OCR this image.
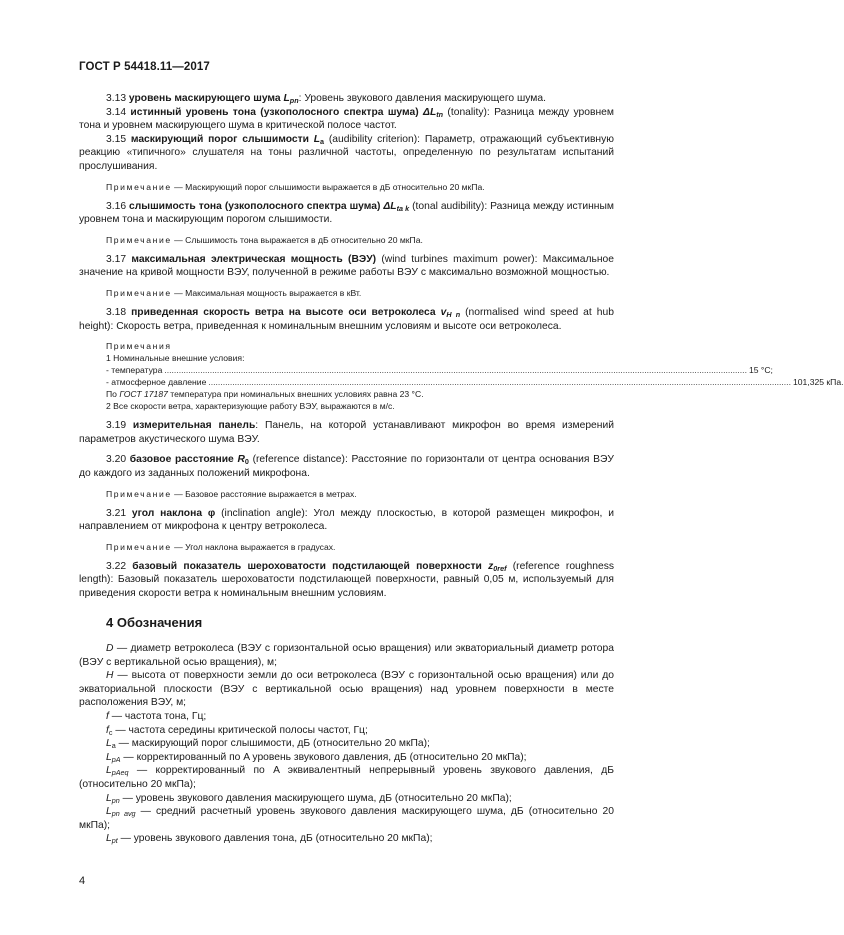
ГОСТ Р 54418.11—2017

3.13 уровень маскирующего шума $L_{pn}$: Уровень звукового давления маскирующего шума.

3.14 истинный уровень тона (узкополосного спектра шума) $\Delta L_{tn}$ (tonality): Разница между уровнем тона и уровнем маскирующего шума в критической полосе частот.

3.15 маскирующий порог слышимости $L_a$ (audibility criterion): Параметр, отражающий субъективную реакцию «типичного» слушателя на тоны различной частоты, определенную по результатам испытаний прослушивания.

Примечание — Маскирующий порог слышимости выражается в дБ относительно 20 мкПа.

3.16 слышимость тона (узкополосного спектра шума) $\Delta L_{ta k}$ (tonal audibility): Разница между истинным уровнем тона и маскирующим порогом слышимости.

Примечание — Слышимость тона выражается в дБ относительно 20 мкПа.

3.17 максимальная электрическая мощность (ВЭУ) (wind turbines maximum power): Максимальное значение на кривой мощности ВЭУ, полученной в режиме работы ВЭУ с максимально возможной мощностью.

Примечание — Максимальная мощность выражается в кВт.

3.18 приведенная скорость ветра на высоте оси ветроколеса $v_{H n}$ (normalised wind speed at hub height): Скорость ветра, приведенная к номинальным внешним условиям и высоте оси ветроколеса.

Примечания
1 Номинальные внешние условия:
- температура .................................................................................................................................................................................................................................................... 15 °C;
- атмосферное давление .................................................................................................................................................................................................................................................... 101,325 кПа.
По ГОСТ 17187 температура при номинальных внешних условиях равна 23 °C.
2 Все скорости ветра, характеризующие работу ВЭУ, выражаются в м/с.

3.19 измерительная панель: Панель, на которой устанавливают микрофон во время измерений параметров акустического шума ВЭУ.

3.20 базовое расстояние $R_0$ (reference distance): Расстояние по горизонтали от центра основания ВЭУ до каждого из заданных положений микрофона.

Примечание — Базовое расстояние выражается в метрах.

3.21 угол наклона φ (inclination angle): Угол между плоскостью, в которой размещен микрофон, и направлением от микрофона к центру ветроколеса.

Примечание — Угол наклона выражается в градусах.

3.22 базовый показатель шероховатости подстилающей поверхности $z_{0ref}$ (reference roughness length): Базовый показатель шероховатости подстилающей поверхности, равный 0,05 м, используемый для приведения скорости ветра к номинальным внешним условиям.

4 Обозначения

D — диаметр ветроколеса (ВЭУ с горизонтальной осью вращения) или экваториальный диаметр ротора (ВЭУ с вертикальной осью вращения), м;

H — высота от поверхности земли до оси ветроколеса (ВЭУ с горизонтальной осью вращения) или до экваториальной плоскости (ВЭУ с вертикальной осью вращения) над уровнем поверхности в месте расположения ВЭУ, м;

f — частота тона, Гц;

$f_c$ — частота середины критической полосы частот, Гц;

$L_a$ — маскирующий порог слышимости, дБ (относительно 20 мкПа);

$L_{pA}$ — корректированный по A уровень звукового давления, дБ (относительно 20 мкПа);

$L_{pAeq}$ — корректированный по A эквивалентный непрерывный уровень звукового давления, дБ (относительно 20 мкПа);

$L_{pn}$ — уровень звукового давления маскирующего шума, дБ (относительно 20 мкПа);

$L_{pn avg}$ — средний расчетный уровень звукового давления маскирующего шума, дБ (относительно 20 мкПа);

$L_{pt}$ — уровень звукового давления тона, дБ (относительно 20 мкПа);

4
